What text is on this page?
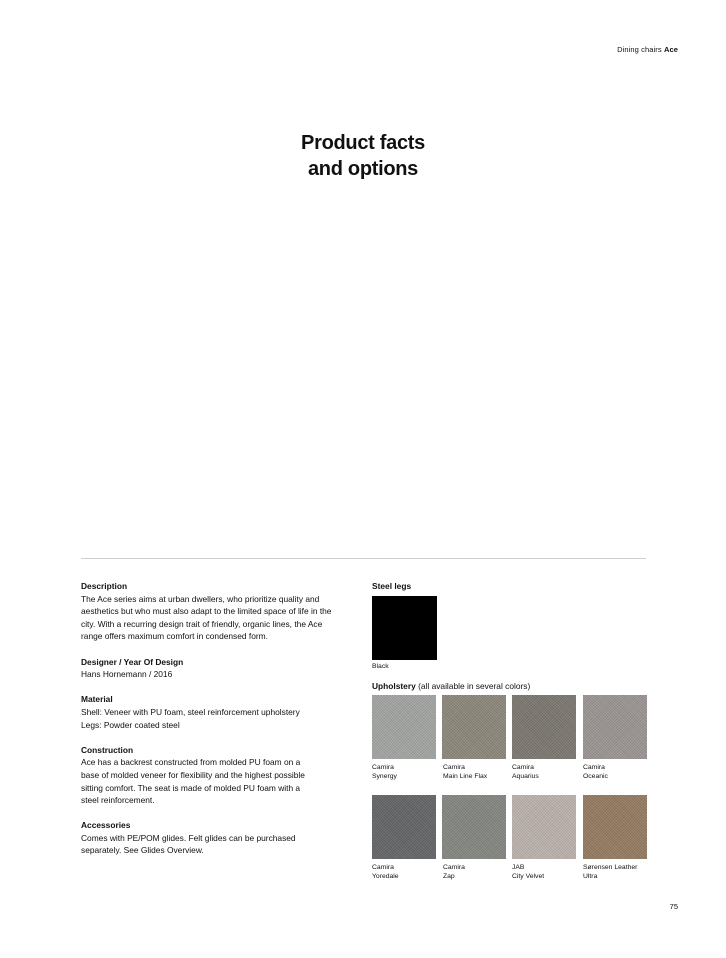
Dining chairs Ace
Product facts
and options
Description
The Ace series aims at urban dwellers, who prioritize quality and
aesthetics but who must also adapt to the limited space of life in the
city. With a recurring design trait of friendly, organic lines, the Ace
range offers maximum comfort in condensed form.
Designer / Year Of Design
Hans Hornemann / 2016
Material
Shell: Veneer with PU foam, steel reinforcement upholstery
Legs: Powder coated steel
Construction
Ace has a backrest constructed from molded PU foam on a
base of molded veneer for flexibility and the highest possible
sitting comfort. The seat is made of molded PU foam with a
steel reinforcement.
Accessories
Comes with PE/POM glides. Felt glides can be purchased
separately. See Glides Overview.
Steel legs
Black
Upholstery (all available in several colors)
Camira
Synergy
Camira
Main Line Flax
Camira
Aquarius
Camira
Oceanic
Camira
Yoredale
Camira
Zap
JAB
City Velvet
Sørensen Leather
Ultra
75
